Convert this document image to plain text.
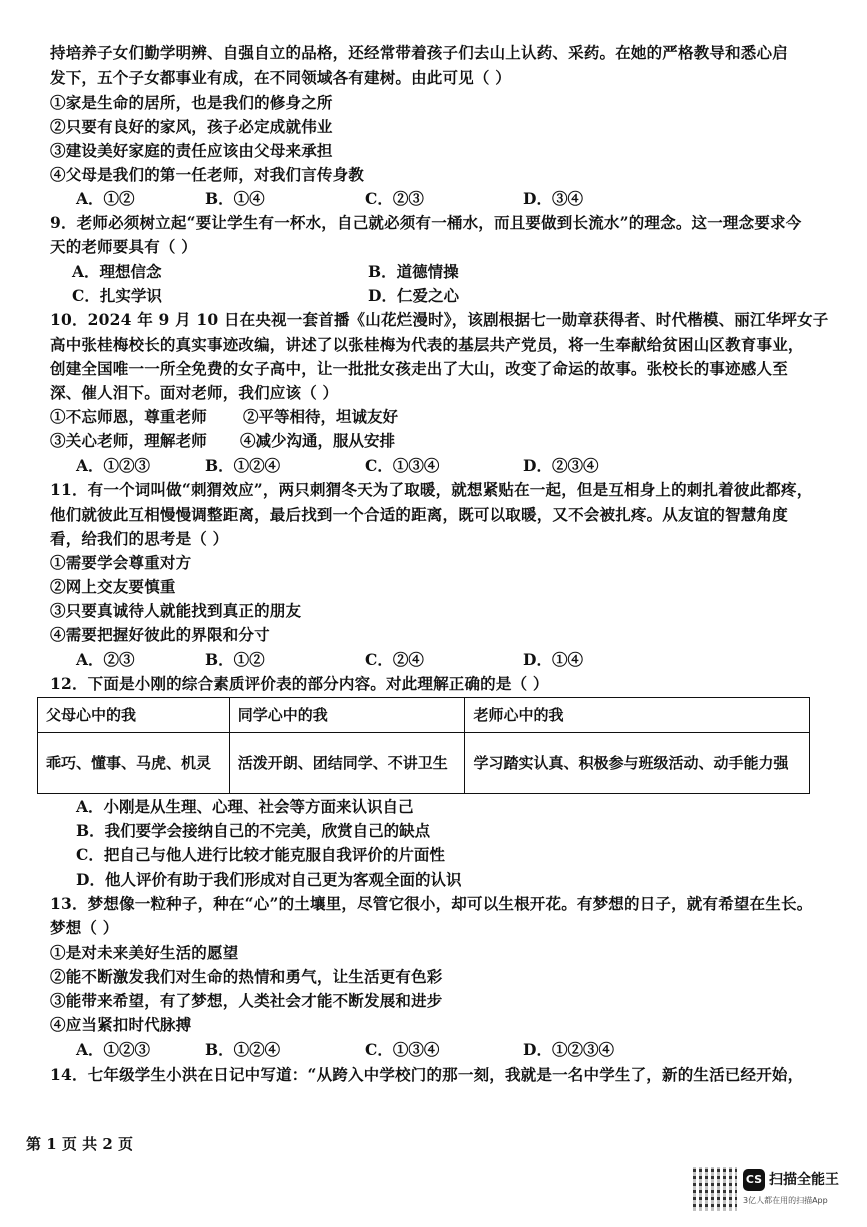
持培养子女们勤学明辨、自强自立的品格，还经常带着孩子们去山上认药、采药。在她的严格教导和悉心启
发下，五个子女都事业有成，在不同领域各有建树。由此可见（ ）
①家是生命的居所，也是我们的修身之所
②只要有良好的家风，孩子必定成就伟业
③建设美好家庭的责任应该由父母来承担
④父母是我们的第一任老师，对我们言传身教
A．①②	B．①④	C．②③	D．③④
9．老师必须树立起“要让学生有一杯水，自己就必须有一桶水，而且要做到长流水”的理念。这一理念要求今
天的老师要具有（ ）
A．理想信念	B．道德情操
C．扎实学识	D．仁爱之心
10．2024 年 9 月 10 日在央视一套首播《山花烂漫时》，该剧根据七一勋章获得者、时代楷模、丽江华坪女子
高中张桂梅校长的真实事迹改编，讲述了以张桂梅为代表的基层共产党员，将一生奉献给贫困山区教育事业，
创建全国唯一一所全免费的女子高中，让一批批女孩走出了大山，改变了命运的故事。张校长的事迹感人至
深、催人泪下。面对老师，我们应该（ ）
①不忘师恩，尊重老师 ②平等相待，坦诚友好
③关心老师，理解老师 ④减少沟通，服从安排
A．①②③	B．①②④	C．①③④	D．②③④
11．有一个词叫做“刺猬效应”，两只刺猬冬天为了取暖，就想紧贴在一起，但是互相身上的刺扎着彼此都疼，
他们就彼此互相慢慢调整距离，最后找到一个合适的距离，既可以取暖，又不会被扎疼。从友谊的智慧角度
看，给我们的思考是（ ）
①需要学会尊重对方
②网上交友要慎重
③只要真诚待人就能找到真正的朋友
④需要把握好彼此的界限和分寸
A．②③	B．①②	C．②④	D．①④
12．下面是小刚的综合素质评价表的部分内容。对此理解正确的是（ ）
父母心中的我	同学心中的我	老师心中的我
乖巧、懂事、马虎、机灵	活泼开朗、团结同学、不讲卫生	学习踏实认真、积极参与班级活动、动手能力强
A．小刚是从生理、心理、社会等方面来认识自己
B．我们要学会接纳自己的不完美，欣赏自己的缺点
C．把自己与他人进行比较才能克服自我评价的片面性
D．他人评价有助于我们形成对自己更为客观全面的认识
13．梦想像一粒种子，种在“心”的土壤里，尽管它很小，却可以生根开花。有梦想的日子，就有希望在生长。
梦想（ ）
①是对未来美好生活的愿望
②能不断激发我们对生命的热情和勇气，让生活更有色彩
③能带来希望，有了梦想，人类社会才能不断发展和进步
④应当紧扣时代脉搏
A．①②③	B．①②④	C．①③④	D．①②③④
14．七年级学生小洪在日记中写道：“从跨入中学校门的那一刻，我就是一名中学生了，新的生活已经开始，
第 1 页 共 2 页
CS 扫描全能王
3亿人都在用的扫描App
